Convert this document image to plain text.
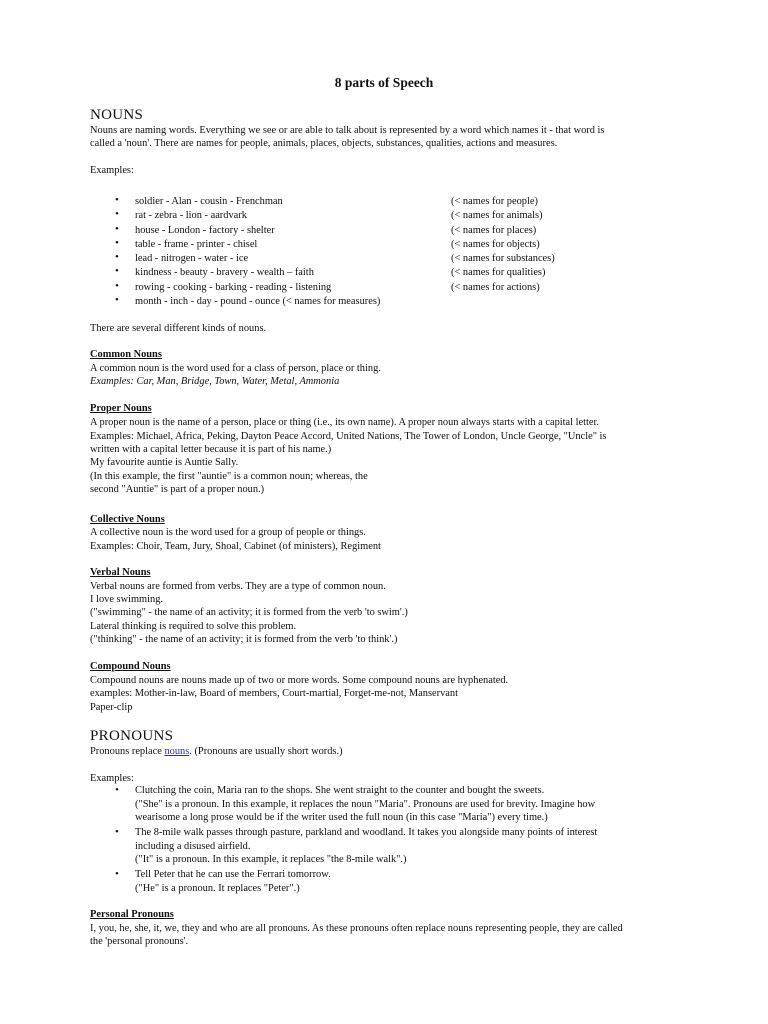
8 parts of Speech
NOUNS

Nouns are naming words. Everything we see or are able to talk about is represented by a word which names it - that word is

called a 'noun'. There are names for people, animals, places, objects, substances, qualities, actions and measures.

Examples:

• soldier - Alan - cousin - Frenchman	(< names for people)
• rat - zebra - lion - aardvark	(< names for animals)
• house - London - factory - shelter	(< names for places)
• table - frame - printer - chisel	(< names for objects)
• lead - nitrogen - water - ice	(< names for substances)
• kindness - beauty - bravery - wealth – faith	(< names for qualities)
• rowing - cooking - barking - reading - listening	(< names for actions)
• month - inch - day - pound - ounce (< names for measures)

There are several different kinds of nouns.

Common Nouns

A common noun is the word used for a class of person, place or thing.

Examples: Car, Man, Bridge, Town, Water, Metal, Ammonia

Proper Nouns

A proper noun is the name of a person, place or thing (i.e., its own name). A proper noun always starts with a capital letter.

Examples: Michael, Africa, Peking, Dayton Peace Accord, United Nations, The Tower of London, Uncle George, "Uncle" is

written with a capital letter because it is part of his name.)

My favourite auntie is Auntie Sally.

(In this example, the first "auntie" is a common noun; whereas, the

second "Auntie" is part of a proper noun.)

Collective Nouns

A collective noun is the word used for a group of people or things.

Examples: Choir, Team, Jury, Shoal, Cabinet (of ministers), Regiment

Verbal Nouns

Verbal nouns are formed from verbs. They are a type of common noun.

I love swimming.

("swimming" - the name of an activity; it is formed from the verb 'to swim'.)

Lateral thinking is required to solve this problem.

("thinking" - the name of an activity; it is formed from the verb 'to think'.)

Compound Nouns

Compound nouns are nouns made up of two or more words. Some compound nouns are hyphenated.

examples: Mother-in-law, Board of members, Court-martial, Forget-me-not, Manservant

Paper-clip

PRONOUNS

Pronouns replace nouns. (Pronouns are usually short words.)

Examples:

• Clutching the coin, Maria ran to the shops. She went straight to the counter and bought the sweets.
("She" is a pronoun. In this example, it replaces the noun "Maria". Pronouns are used for brevity. Imagine how
wearisome a long prose would be if the writer used the full noun (in this case "Maria") every time.)
• The 8-mile walk passes through pasture, parkland and woodland. It takes you alongside many points of interest
including a disused airfield.
("It" is a pronoun. In this example, it replaces "the 8-mile walk".)
• Tell Peter that he can use the Ferrari tomorrow.
("He" is a pronoun. It replaces "Peter".)

Personal Pronouns

I, you, he, she, it, we, they and who are all pronouns. As these pronouns often replace nouns representing people, they are called

the 'personal pronouns'.
